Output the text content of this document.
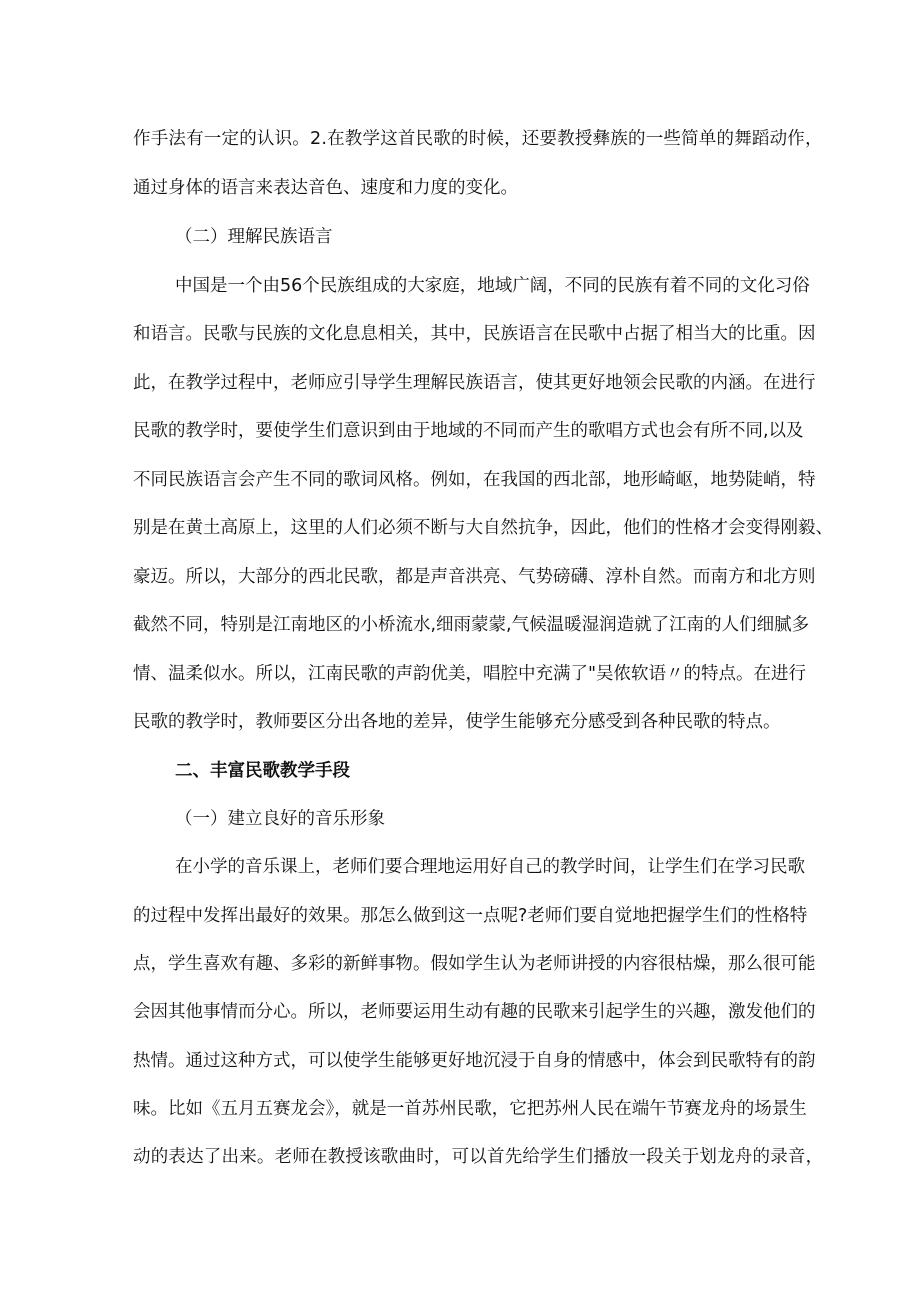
作手法有一定的认识。2.在教学这首民歌的时候，还要教授彝族的一些简单的舞蹈动作，
通过身体的语言来表达音色、速度和力度的变化。
（二）理解民族语言
中国是一个由56个民族组成的大家庭，地域广阔，不同的民族有着不同的文化习俗
和语言。民歌与民族的文化息息相关，其中，民族语言在民歌中占据了相当大的比重。因
此，在教学过程中，老师应引导学生理解民族语言，使其更好地领会民歌的内涵。在进行
民歌的教学时，要使学生们意识到由于地域的不同而产生的歌唱方式也会有所不同,以及
不同民族语言会产生不同的歌词风格。例如，在我国的西北部，地形崎岖，地势陡峭，特
别是在黄土高原上，这里的人们必须不断与大自然抗争，因此，他们的性格才会变得刚毅、
豪迈。所以，大部分的西北民歌，都是声音洪亮、气势磅礴、淳朴自然。而南方和北方则
截然不同，特别是江南地区的小桥流水,细雨蒙蒙,气候温暖湿润造就了江南的人们细腻多
情、温柔似水。所以，江南民歌的声韵优美，唱腔中充满了"吴侬软语〃的特点。在进行
民歌的教学时，教师要区分出各地的差异，使学生能够充分感受到各种民歌的特点。
二、丰富民歌教学手段
（一）建立良好的音乐形象
在小学的音乐课上，老师们要合理地运用好自己的教学时间，让学生们在学习民歌
的过程中发挥出最好的效果。那怎么做到这一点呢?老师们要自觉地把握学生们的性格特
点，学生喜欢有趣、多彩的新鲜事物。假如学生认为老师讲授的内容很枯燥，那么很可能
会因其他事情而分心。所以，老师要运用生动有趣的民歌来引起学生的兴趣，激发他们的
热情。通过这种方式，可以使学生能够更好地沉浸于自身的情感中，体会到民歌特有的韵
味。比如《五月五赛龙会》，就是一首苏州民歌，它把苏州人民在端午节赛龙舟的场景生
动的表达了出来。老师在教授该歌曲时，可以首先给学生们播放一段关于划龙舟的录音，
